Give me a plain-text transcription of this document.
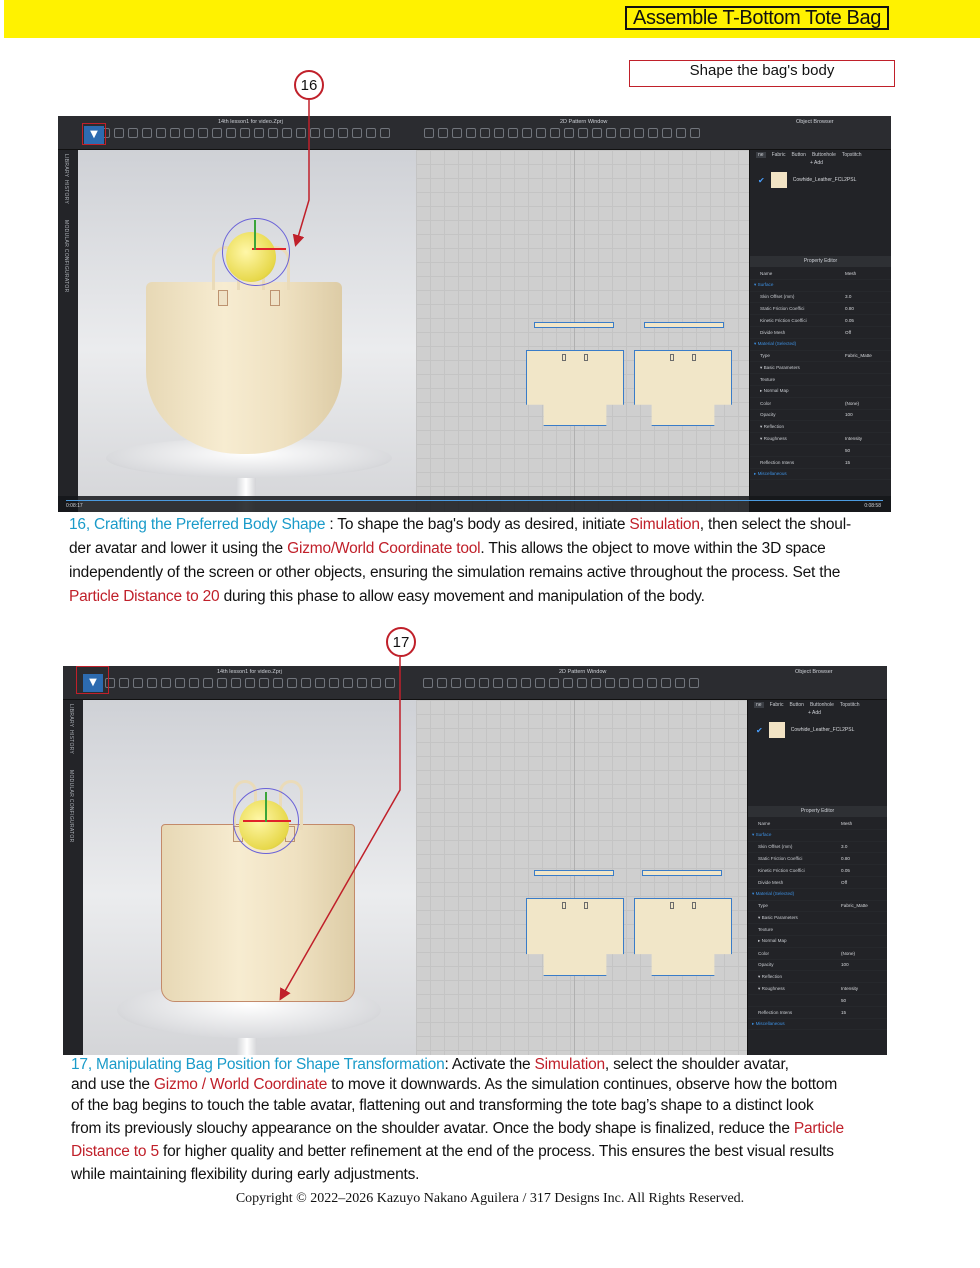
Assemble T-Bottom Tote Bag
Shape the bag's body
16
17
14th lesson1 for video.Zprj	2D Pattern Window	Object Browser
▼
LIBRARY
HISTORY
MODULAR CONFIGURATOR
ne	Fabric Button Buttonhole Topstitch
+ Add
✔	Cowhide_Leather_FCL2PSL
Property Editor
Name	Mesh
▾ Surface
Skin Offset (mm)	3.0
Static Friction Coeffici	0.80
Kinetic Friction Coeffici	0.05
Divide Mesh	Off
▾ Material (Selected)
Type	Fabric_Matte
▾ Basic Parameters
Texture
▸ Normal Map
Color	(None)
Opacity	100
▾ Reflection
▾ Roughness	Intensity
50
Reflection Intens	15
▸ Miscellaneous
0:08:17	0:08:58
16, Crafting the Preferred Body Shape : To shape the bag's body as desired, initiate Simulation, then select the shoul-
der avatar and lower it using the Gizmo/World Coordinate tool. This allows the object to move within the 3D space
independently of the screen or other objects, ensuring the simulation remains active throughout the process. Set the
Particle Distance to 20 during this phase to allow easy movement and manipulation of the body.
14th lesson1 for video.Zprj	2D Pattern Window	Object Browser
▼
LIBRARY
HISTORY
MODULAR CONFIGURATOR
ne	Fabric Button Buttonhole Topstitch
+ Add
✔	Cowhide_Leather_FCL2PSL
Property Editor
Name	Mesh
▾ Surface
Skin Offset (mm)	3.0
Static Friction Coeffici	0.80
Kinetic Friction Coeffici	0.05
Divide Mesh	Off
▾ Material (Selected)
Type	Fabric_Matte
▾ Basic Parameters
Texture
▸ Normal Map
Color	(None)
Opacity	100
▾ Reflection
▾ Roughness	Intensity
50
Reflection Intens	15
▸ Miscellaneous
17, Manipulating Bag Position for Shape Transformation: Activate the Simulation, select the shoulder avatar,
and use the Gizmo / World Coordinate to move it downwards. As the simulation continues, observe how the bottom
of the bag begins to touch the table avatar, flattening out and transforming the tote bag’s shape to a distinct look
from its previously slouchy appearance on the shoulder avatar. Once the body shape is finalized, reduce the Particle
Distance to 5 for higher quality and better refinement at the end of the process. This ensures the best visual results
while maintaining flexibility during early adjustments.
Copyright © 2022–2026 Kazuyo Nakano Aguilera / 317 Designs Inc. All Rights Reserved.
